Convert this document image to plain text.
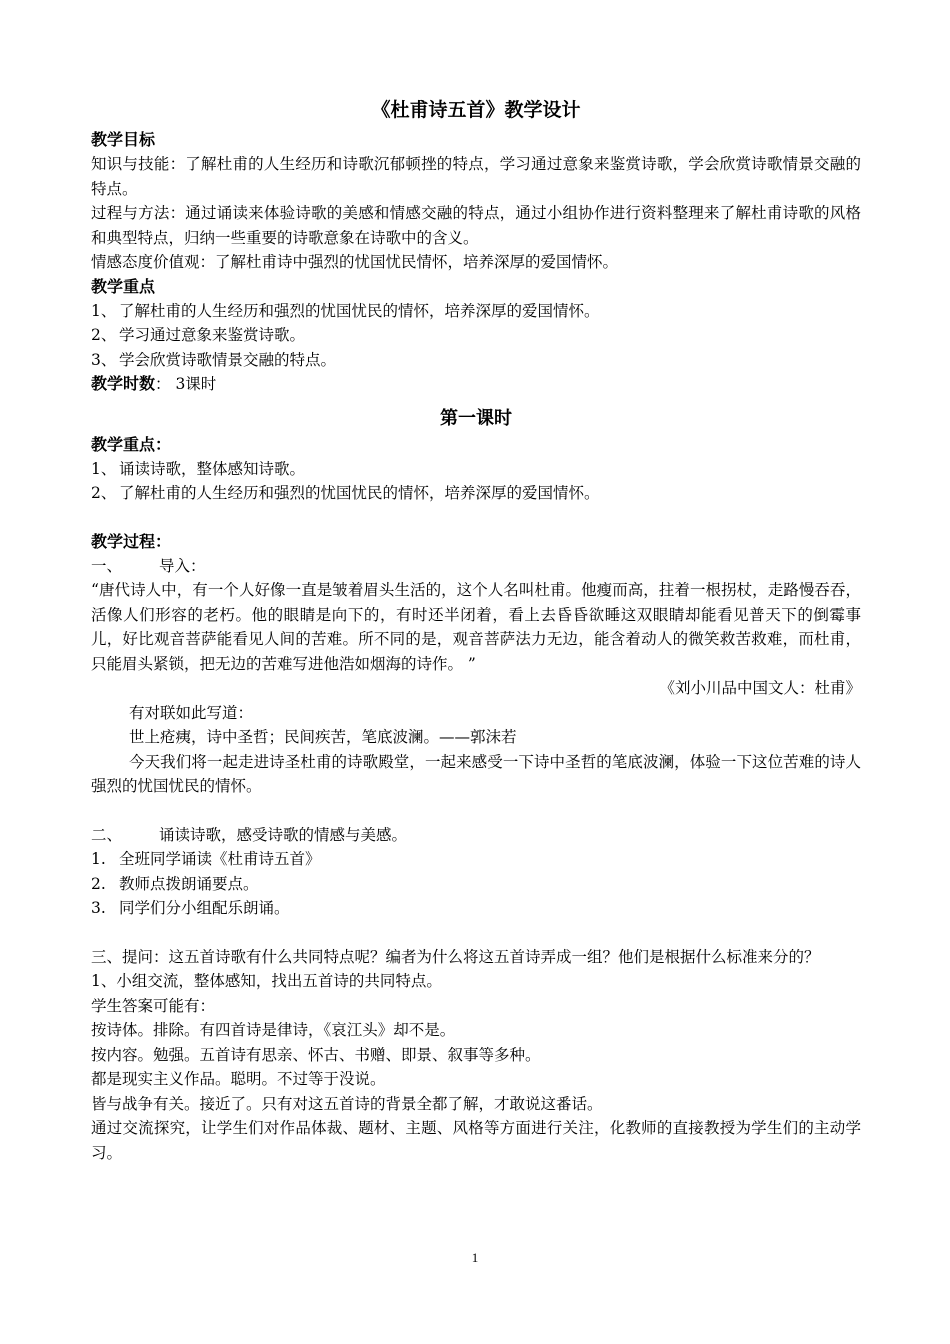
《杜甫诗五首》教学设计
教学目标

知识与技能：了解杜甫的人生经历和诗歌沉郁顿挫的特点，学习通过意象来鉴赏诗歌，学会欣赏诗歌情景交融的特点。

过程与方法：通过诵读来体验诗歌的美感和情感交融的特点，通过小组协作进行资料整理来了解杜甫诗歌的风格和典型特点，归纳一些重要的诗歌意象在诗歌中的含义。

情感态度价值观：了解杜甫诗中强烈的忧国忧民情怀，培养深厚的爱国情怀。

教学重点

1、 了解杜甫的人生经历和强烈的忧国忧民的情怀，培养深厚的爱国情怀。

2、 学习通过意象来鉴赏诗歌。

3、 学会欣赏诗歌情景交融的特点。

教学时数： 3课时

第一课时
教学重点：

1、 诵读诗歌，整体感知诗歌。

2、 了解杜甫的人生经历和强烈的忧国忧民的情怀，培养深厚的爱国情怀。

教学过程：

一、	导入：

“唐代诗人中，有一个人好像一直是皱着眉头生活的，这个人名叫杜甫。他瘦而高，拄着一根拐杖，走路慢吞吞，活像人们形容的老朽。他的眼睛是向下的，有时还半闭着，看上去昏昏欲睡这双眼睛却能看见普天下的倒霉事儿，好比观音菩萨能看见人间的苦难。所不同的是，观音菩萨法力无边，能含着动人的微笑救苦救难，而杜甫，只能眉头紧锁，把无边的苦难写进他浩如烟海的诗作。 ”

《刘小川品中国文人：杜甫》

有对联如此写道：

世上疮痍，诗中圣哲；民间疾苦，笔底波澜。——郭沫若

今天我们将一起走进诗圣杜甫的诗歌殿堂，一起来感受一下诗中圣哲的笔底波澜，体验一下这位苦难的诗人强烈的忧国忧民的情怀。

二、	诵读诗歌，感受诗歌的情感与美感。

1. 全班同学诵读《杜甫诗五首》

2. 教师点拨朗诵要点。

3. 同学们分小组配乐朗诵。

三、提问：这五首诗歌有什么共同特点呢？编者为什么将这五首诗弄成一组？他们是根据什么标准来分的？

1、小组交流，整体感知，找出五首诗的共同特点。

学生答案可能有：

按诗体。排除。有四首诗是律诗，《哀江头》却不是。

按内容。勉强。五首诗有思亲、怀古、书赠、即景、叙事等多种。

都是现实主义作品。聪明。不过等于没说。

皆与战争有关。接近了。只有对这五首诗的背景全都了解，才敢说这番话。

通过交流探究，让学生们对作品体裁、题材、主题、风格等方面进行关注，化教师的直接教授为学生们的主动学习。

1
